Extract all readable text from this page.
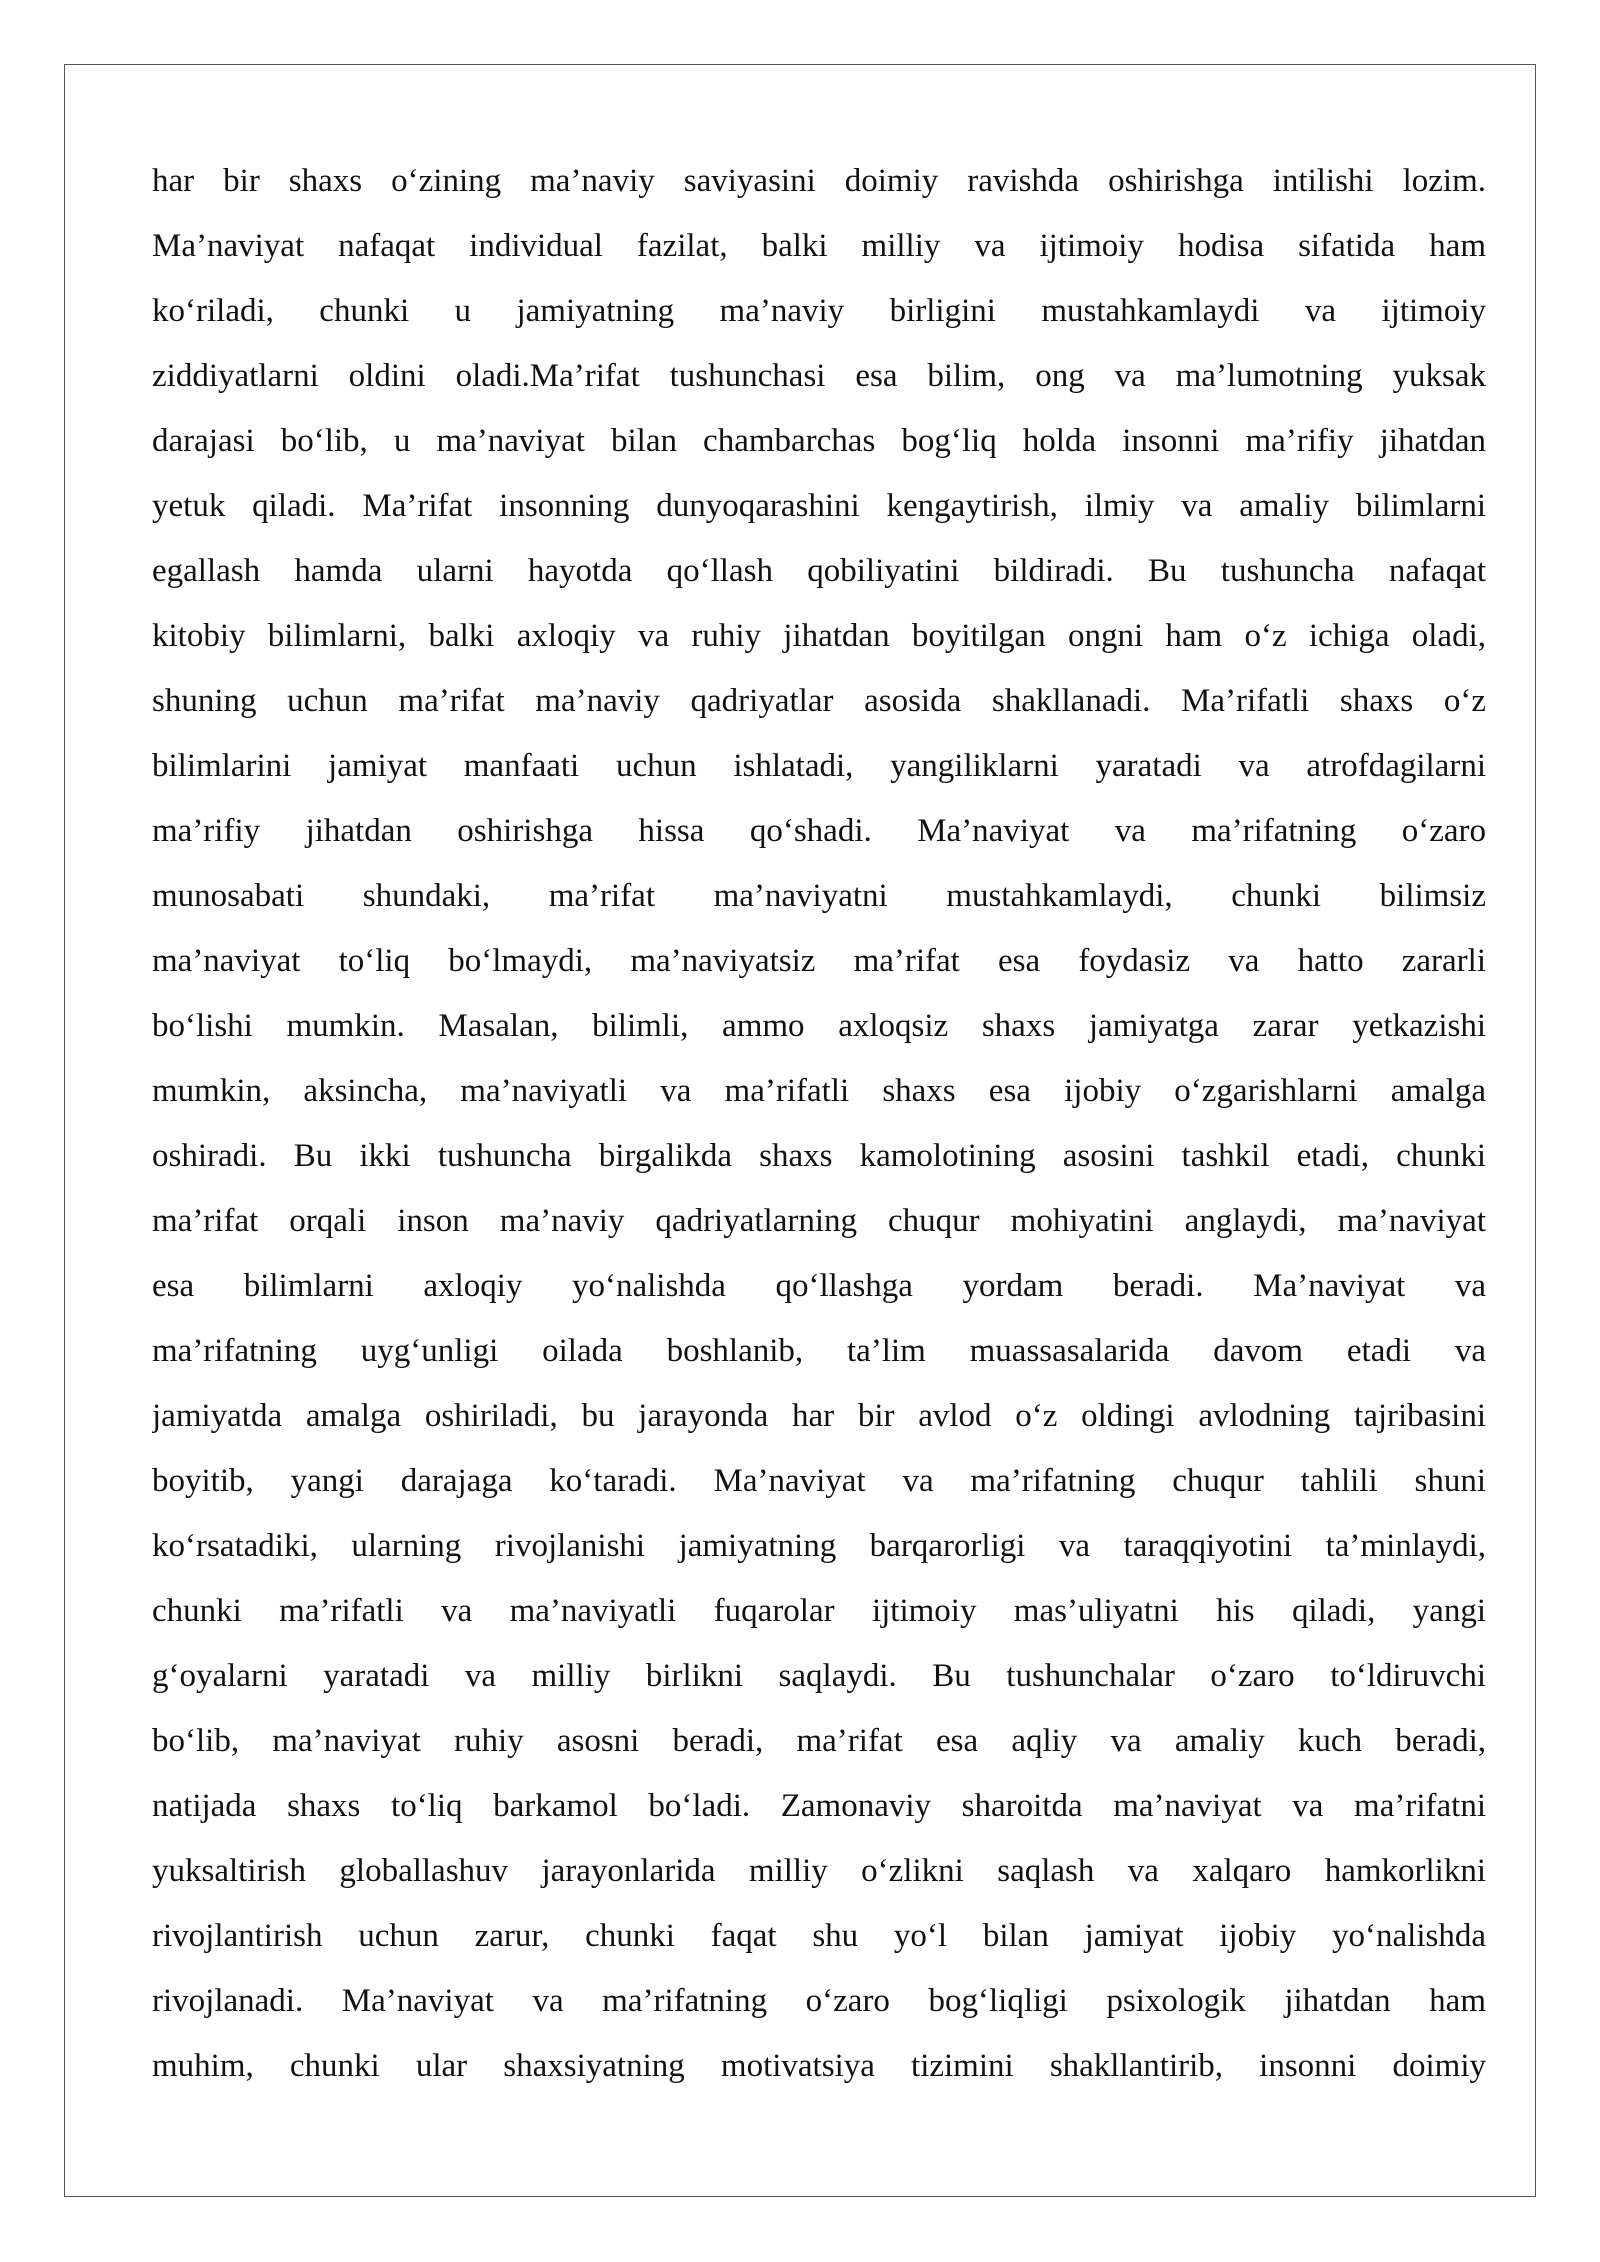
har bir shaxs o‘zining ma’naviy saviyasini doimiy ravishda oshirishga intilishi lozim.
Ma’naviyat nafaqat individual fazilat, balki milliy va ijtimoiy hodisa sifatida ham
ko‘riladi, chunki u jamiyatning ma’naviy birligini mustahkamlaydi va ijtimoiy
ziddiyatlarni oldini oladi.Ma’rifat tushunchasi esa bilim, ong va ma’lumotning yuksak
darajasi bo‘lib, u ma’naviyat bilan chambarchas bog‘liq holda insonni ma’rifiy jihatdan
yetuk qiladi. Ma’rifat insonning dunyoqarashini kengaytirish, ilmiy va amaliy bilimlarni
egallash hamda ularni hayotda qo‘llash qobiliyatini bildiradi. Bu tushuncha nafaqat
kitobiy bilimlarni, balki axloqiy va ruhiy jihatdan boyitilgan ongni ham o‘z ichiga oladi,
shuning uchun ma’rifat ma’naviy qadriyatlar asosida shakllanadi. Ma’rifatli shaxs o‘z
bilimlarini jamiyat manfaati uchun ishlatadi, yangiliklarni yaratadi va atrofdagilarni
ma’rifiy jihatdan oshirishga hissa qo‘shadi. Ma’naviyat va ma’rifatning o‘zaro
munosabati shundaki, ma’rifat ma’naviyatni mustahkamlaydi, chunki bilimsiz
ma’naviyat to‘liq bo‘lmaydi, ma’naviyatsiz ma’rifat esa foydasiz va hatto zararli
bo‘lishi mumkin. Masalan, bilimli, ammo axloqsiz shaxs jamiyatga zarar yetkazishi
mumkin, aksincha, ma’naviyatli va ma’rifatli shaxs esa ijobiy o‘zgarishlarni amalga
oshiradi. Bu ikki tushuncha birgalikda shaxs kamolotining asosini tashkil etadi, chunki
ma’rifat orqali inson ma’naviy qadriyatlarning chuqur mohiyatini anglaydi, ma’naviyat
esa bilimlarni axloqiy yo‘nalishda qo‘llashga yordam beradi. Ma’naviyat va
ma’rifatning uyg‘unligi oilada boshlanib, ta’lim muassasalarida davom etadi va
jamiyatda amalga oshiriladi, bu jarayonda har bir avlod o‘z oldingi avlodning tajribasini
boyitib, yangi darajaga ko‘taradi. Ma’naviyat va ma’rifatning chuqur tahlili shuni
ko‘rsatadiki, ularning rivojlanishi jamiyatning barqarorligi va taraqqiyotini ta’minlaydi,
chunki ma’rifatli va ma’naviyatli fuqarolar ijtimoiy mas’uliyatni his qiladi, yangi
g‘oyalarni yaratadi va milliy birlikni saqlaydi. Bu tushunchalar o‘zaro to‘ldiruvchi
bo‘lib, ma’naviyat ruhiy asosni beradi, ma’rifat esa aqliy va amaliy kuch beradi,
natijada shaxs to‘liq barkamol bo‘ladi. Zamonaviy sharoitda ma’naviyat va ma’rifatni
yuksaltirish globallashuv jarayonlarida milliy o‘zlikni saqlash va xalqaro hamkorlikni
rivojlantirish uchun zarur, chunki faqat shu yo‘l bilan jamiyat ijobiy yo‘nalishda
rivojlanadi. Ma’naviyat va ma’rifatning o‘zaro bog‘liqligi psixologik jihatdan ham
muhim, chunki ular shaxsiyatning motivatsiya tizimini shakllantirib, insonni doimiy
